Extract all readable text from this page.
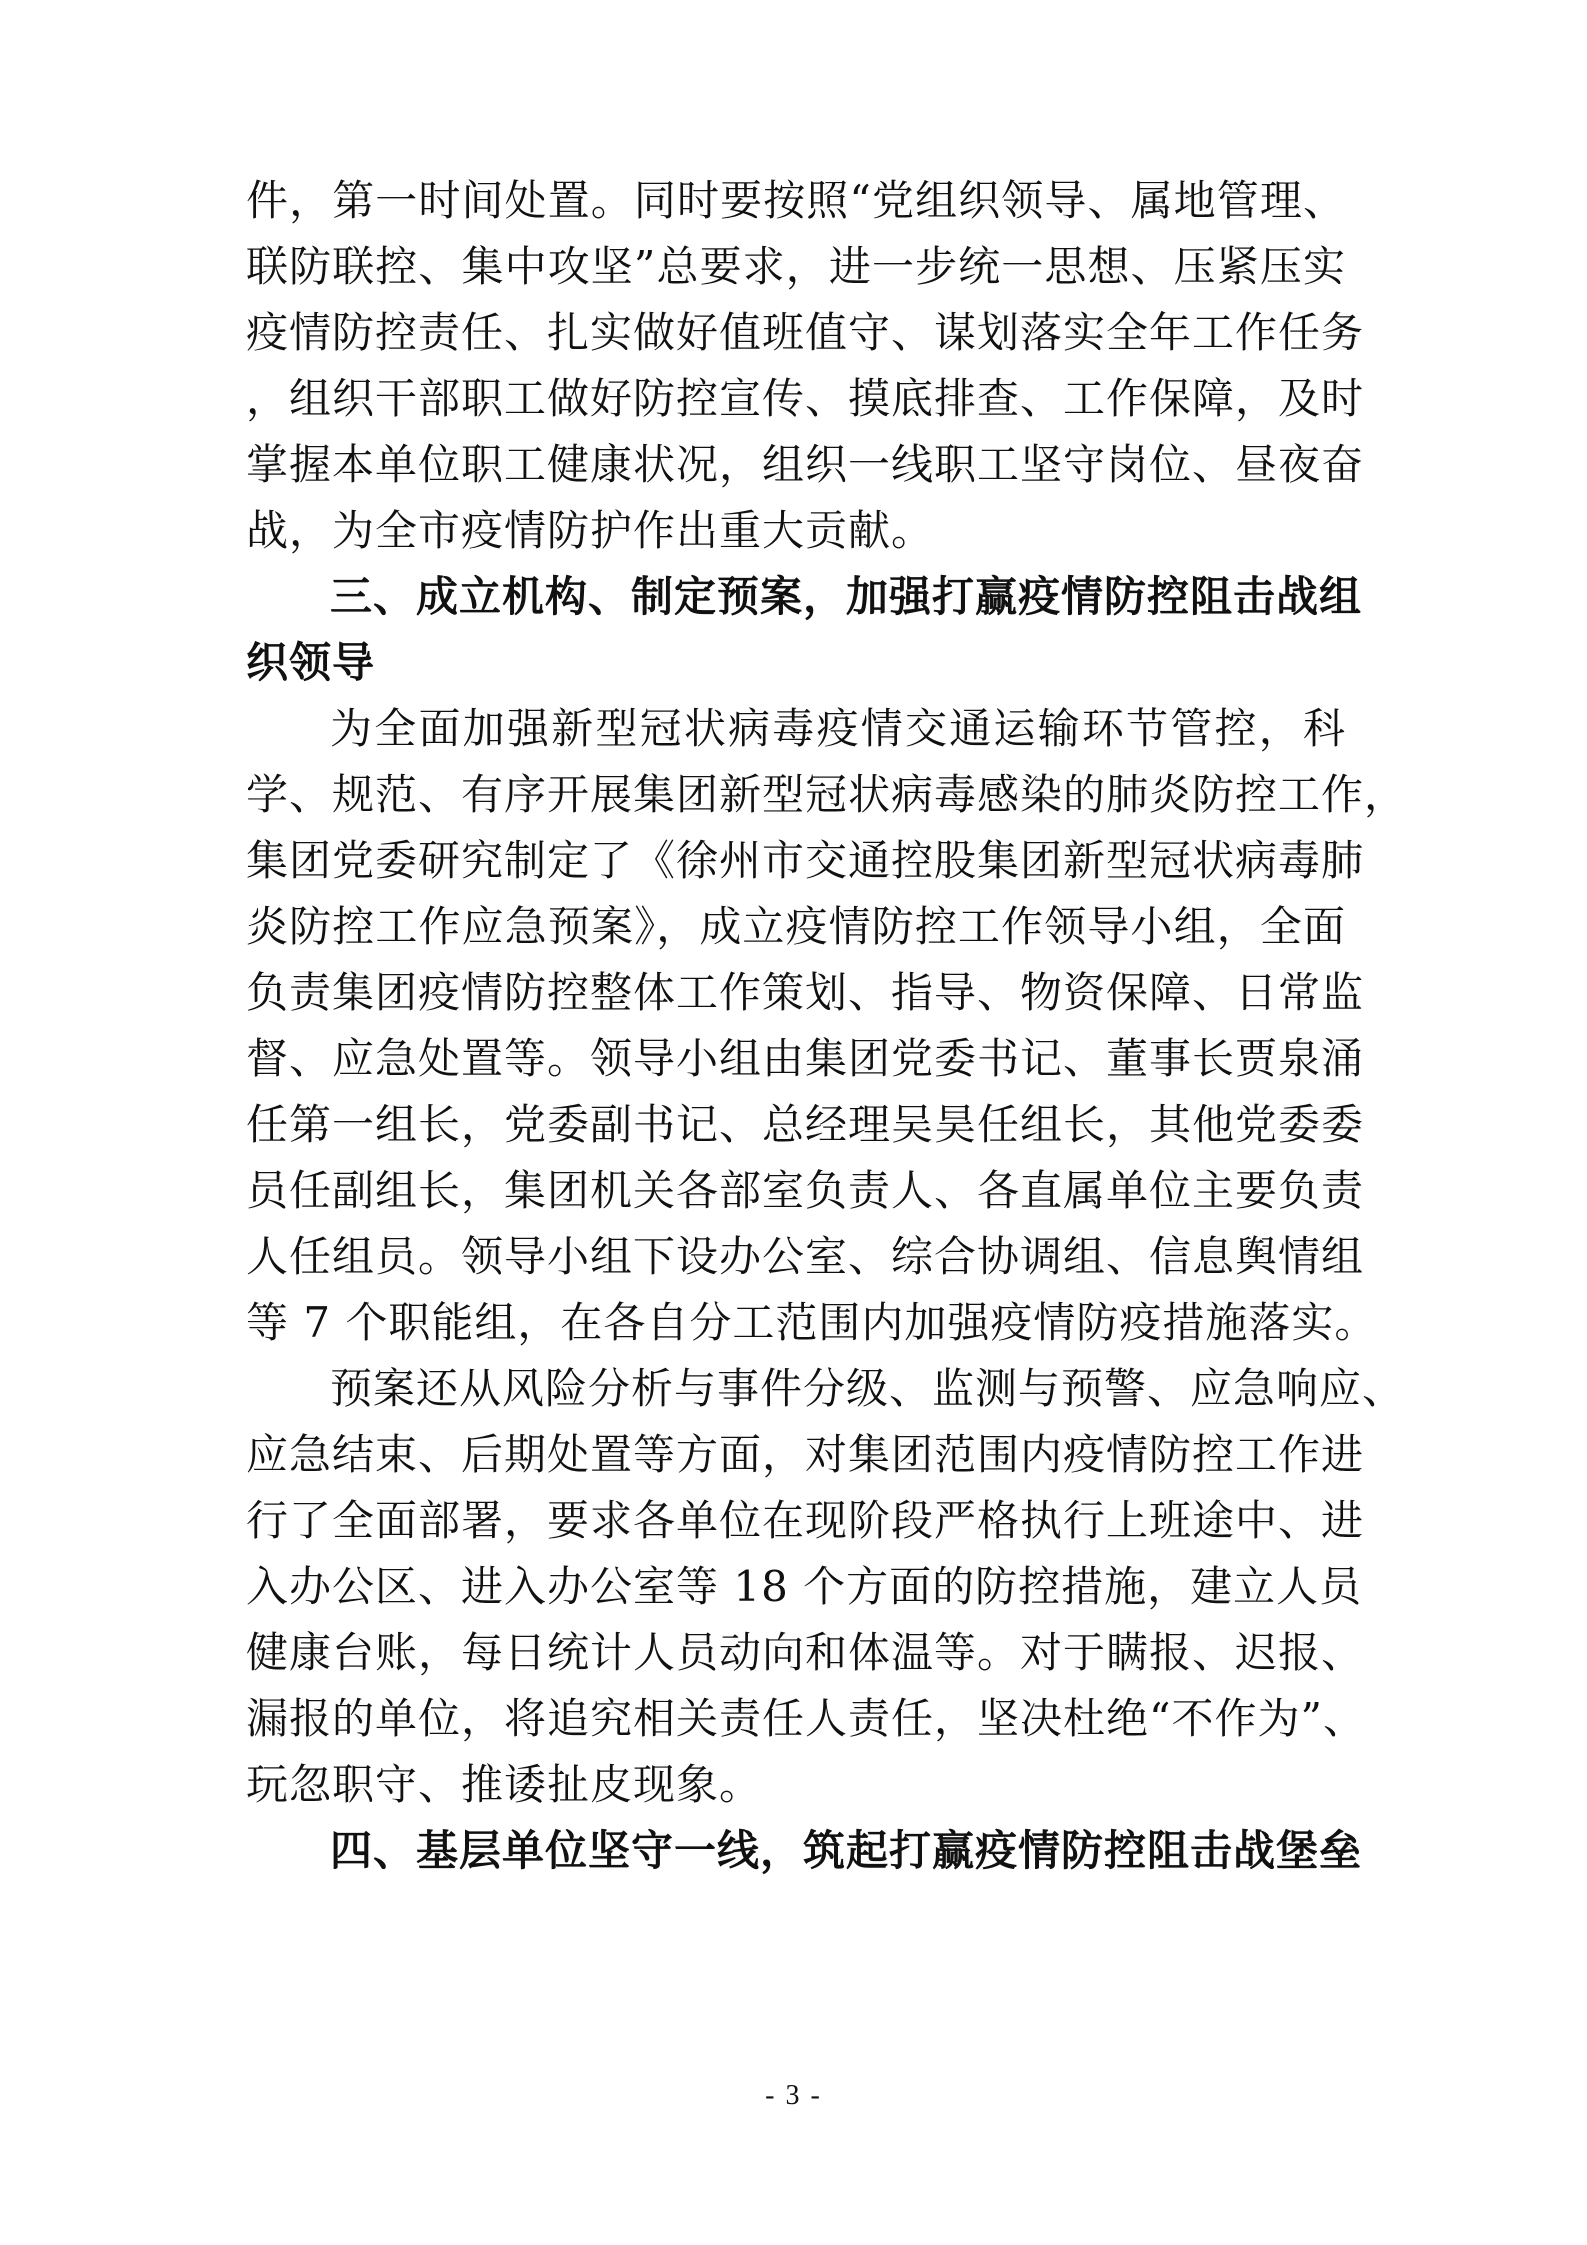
件，第一时间处置。同时要按照“党组织领导、属地管理、
联防联控、集中攻坚”总要求，进一步统一思想、压紧压实
疫情防控责任、扎实做好值班值守、谋划落实全年工作任务
，组织干部职工做好防控宣传、摸底排查、工作保障，及时
掌握本单位职工健康状况，组织一线职工坚守岗位、昼夜奋
战，为全市疫情防护作出重大贡献。
三、成立机构、制定预案，加强打赢疫情防控阻击战组
织领导
为全面加强新型冠状病毒疫情交通运输环节管控，科
学、规范、有序开展集团新型冠状病毒感染的肺炎防控工作，
集团党委研究制定了《徐州市交通控股集团新型冠状病毒肺
炎防控工作应急预案》，成立疫情防控工作领导小组，全面
负责集团疫情防控整体工作策划、指导、物资保障、日常监
督、应急处置等。领导小组由集团党委书记、董事长贾泉涌
任第一组长，党委副书记、总经理吴昊任组长，其他党委委
员任副组长，集团机关各部室负责人、各直属单位主要负责
人任组员。领导小组下设办公室、综合协调组、信息舆情组
等 7 个职能组，在各自分工范围内加强疫情防疫措施落实。
预案还从风险分析与事件分级、监测与预警、应急响应、
应急结束、后期处置等方面，对集团范围内疫情防控工作进
行了全面部署，要求各单位在现阶段严格执行上班途中、进
入办公区、进入办公室等 18 个方面的防控措施，建立人员
健康台账，每日统计人员动向和体温等。对于瞒报、迟报、
漏报的单位，将追究相关责任人责任，坚决杜绝“不作为”、
玩忽职守、推诿扯皮现象。
四、基层单位坚守一线，筑起打赢疫情防控阻击战堡垒
- 3 -
